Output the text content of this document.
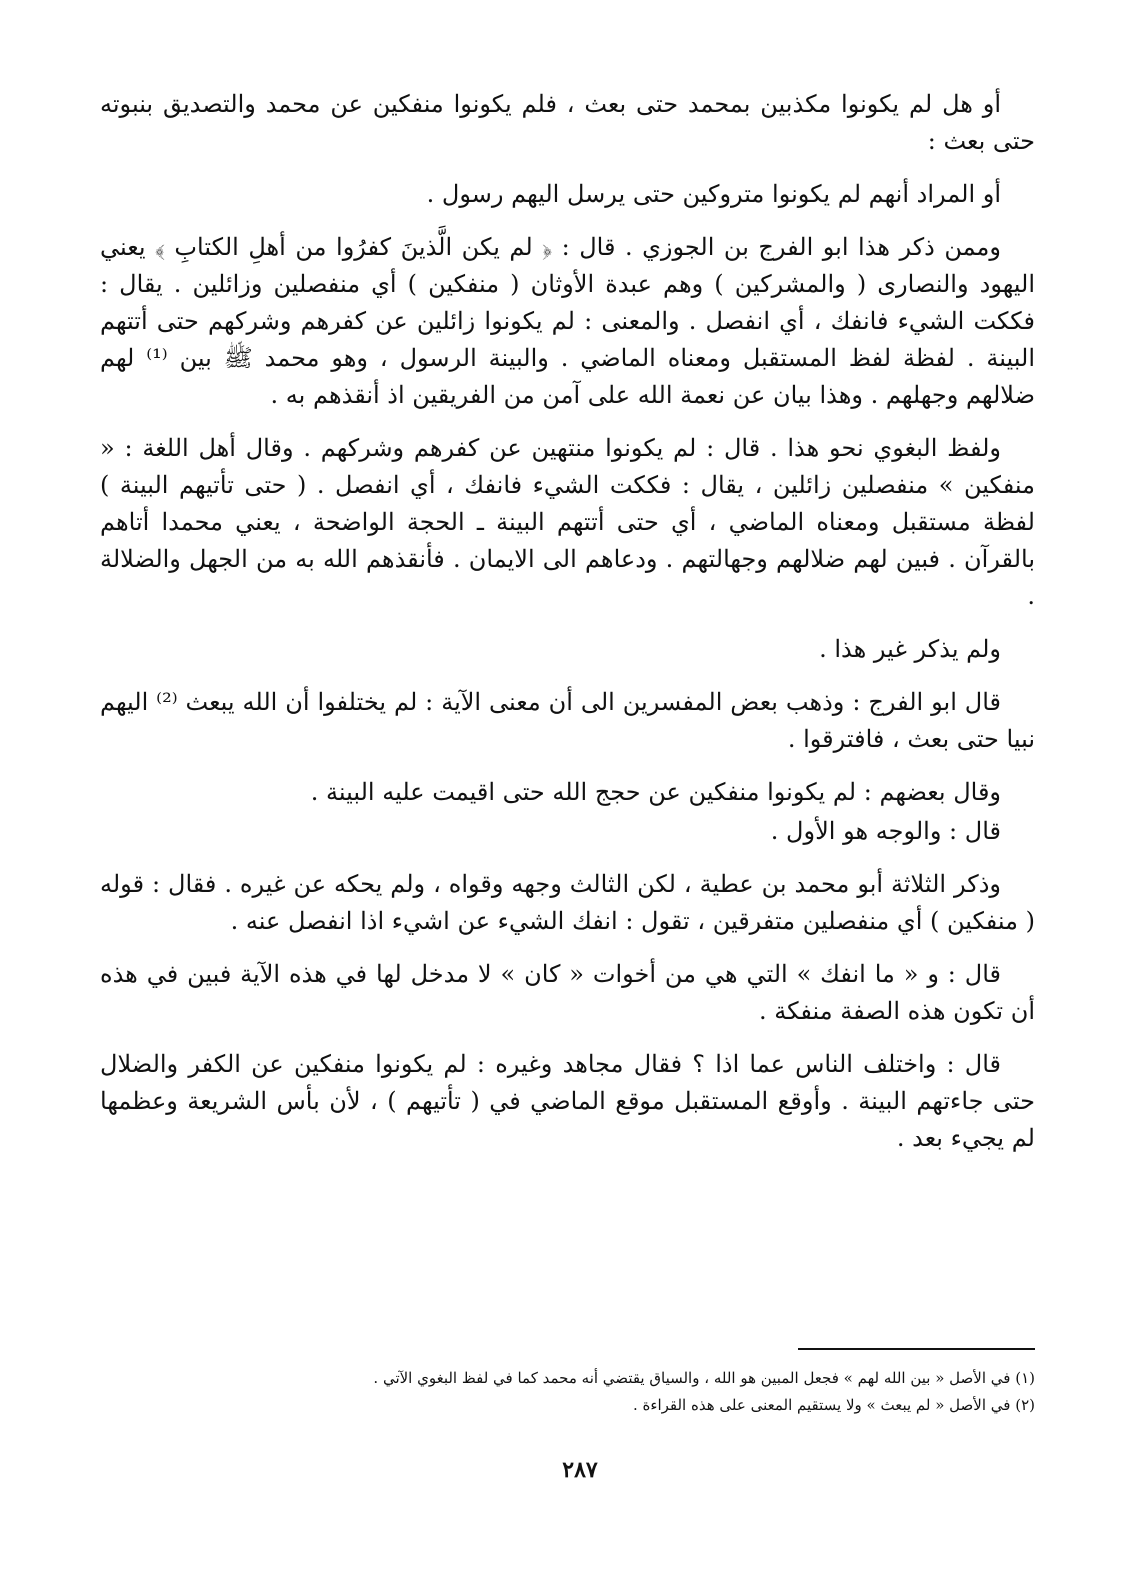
أو هل لم يكونوا مكذبين بمحمد حتى بعث ، فلم يكونوا منفكين عن محمد والتصديق بنبوته حتى بعث :

أو المراد أنهم لم يكونوا متروكين حتى يرسل اليهم رسول .

وممن ذكر هذا ابو الفرج بن الجوزي . قال : ﴿ لم يكن الَّذينَ كفرُوا من أهلِ الكتابِ ﴾ يعني اليهود والنصارى ( والمشركين ) وهم عبدة الأوثان ( منفكين ) أي منفصلين وزائلين . يقال : فككت الشيء فانفك ، أي انفصل . والمعنى : لم يكونوا زائلين عن كفرهم وشركهم حتى أتتهم البينة . لفظة لفظ المستقبل ومعناه الماضي . والبينة الرسول ، وهو محمد ﷺ بين ⁽¹⁾ لهم ضلالهم وجهلهم . وهذا بيان عن نعمة الله على آمن من الفريقين اذ أنقذهم به .

ولفظ البغوي نحو هذا . قال : لم يكونوا منتهين عن كفرهم وشركهم . وقال أهل اللغة : « منفكين » منفصلين زائلين ، يقال : فككت الشيء فانفك ، أي انفصل . ( حتى تأتيهم البينة ) لفظة مستقبل ومعناه الماضي ، أي حتى أتتهم البينة ـ الحجة الواضحة ، يعني محمدا أتاهم بالقرآن . فبين لهم ضلالهم وجهالتهم . ودعاهم الى الايمان . فأنقذهم الله به من الجهل والضلالة .

ولم يذكر غير هذا .

قال ابو الفرج : وذهب بعض المفسرين الى أن معنى الآية : لم يختلفوا أن الله يبعث ⁽²⁾ اليهم نبيا حتى بعث ، فافترقوا .

وقال بعضهم : لم يكونوا منفكين عن حجج الله حتى اقيمت عليه البينة .

قال : والوجه هو الأول .

وذكر الثلاثة أبو محمد بن عطية ، لكن الثالث وجهه وقواه ، ولم يحكه عن غيره . فقال : قوله ( منفكين ) أي منفصلين متفرقين ، تقول : انفك الشيء عن اشيء اذا انفصل عنه .

قال : و « ما انفك » التي هي من أخوات « كان » لا مدخل لها في هذه الآية فبين في هذه أن تكون هذه الصفة منفكة .

قال : واختلف الناس عما اذا ؟ فقال مجاهد وغيره : لم يكونوا منفكين عن الكفر والضلال حتى جاءتهم البينة . وأوقع المستقبل موقع الماضي في ( تأتيهم ) ، لأن بأس الشريعة وعظمها لم يجيء بعد .

(١) في الأصل « بين الله لهم » فجعل المبين هو الله ، والسياق يقتضي أنه محمد كما في لفظ البغوي الآتي .

(٢) في الأصل « لم يبعث » ولا يستقيم المعنى على هذه القراءة .

٢٨٧
